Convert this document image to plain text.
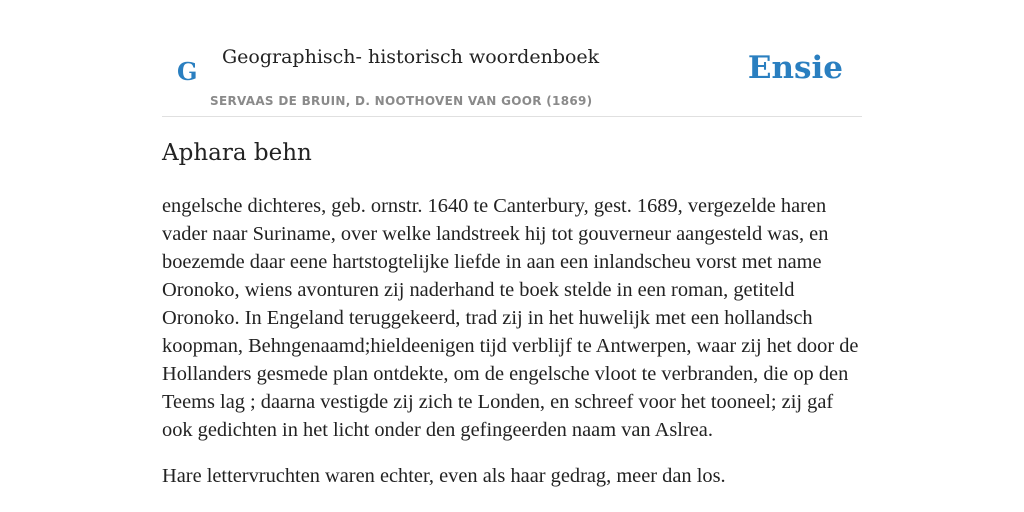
G Geographisch- historisch woordenboek
SERVAAS DE BRUIN, D. NOOTHOVEN VAN GOOR (1869)
Ensie
Aphara behn

engelsche dichteres, geb. ornstr. 1640 te Canterbury, gest. 1689, vergezelde haren vader naar Suriname, over welke landstreek hij tot gouverneur aangesteld was, en boezemde daar eene hartstogtelijke liefde in aan een inlandscheu vorst met name Oronoko, wiens avonturen zij naderhand te boek stelde in een roman, getiteld Oronoko. In Engeland teruggekeerd, trad zij in het huwelijk met een hollandsch koopman, Behngenaamd;hieldeenigen tijd verblijf te Antwerpen, waar zij het door de Hollanders gesmede plan ontdekte, om de engelsche vloot te verbranden, die op den Teems lag ; daarna vestigde zij zich te Londen, en schreef voor het tooneel; zij gaf ook gedichten in het licht onder den gefingeerden naam van Aslrea.

Hare lettervruchten waren echter, even als haar gedrag, meer dan los.
